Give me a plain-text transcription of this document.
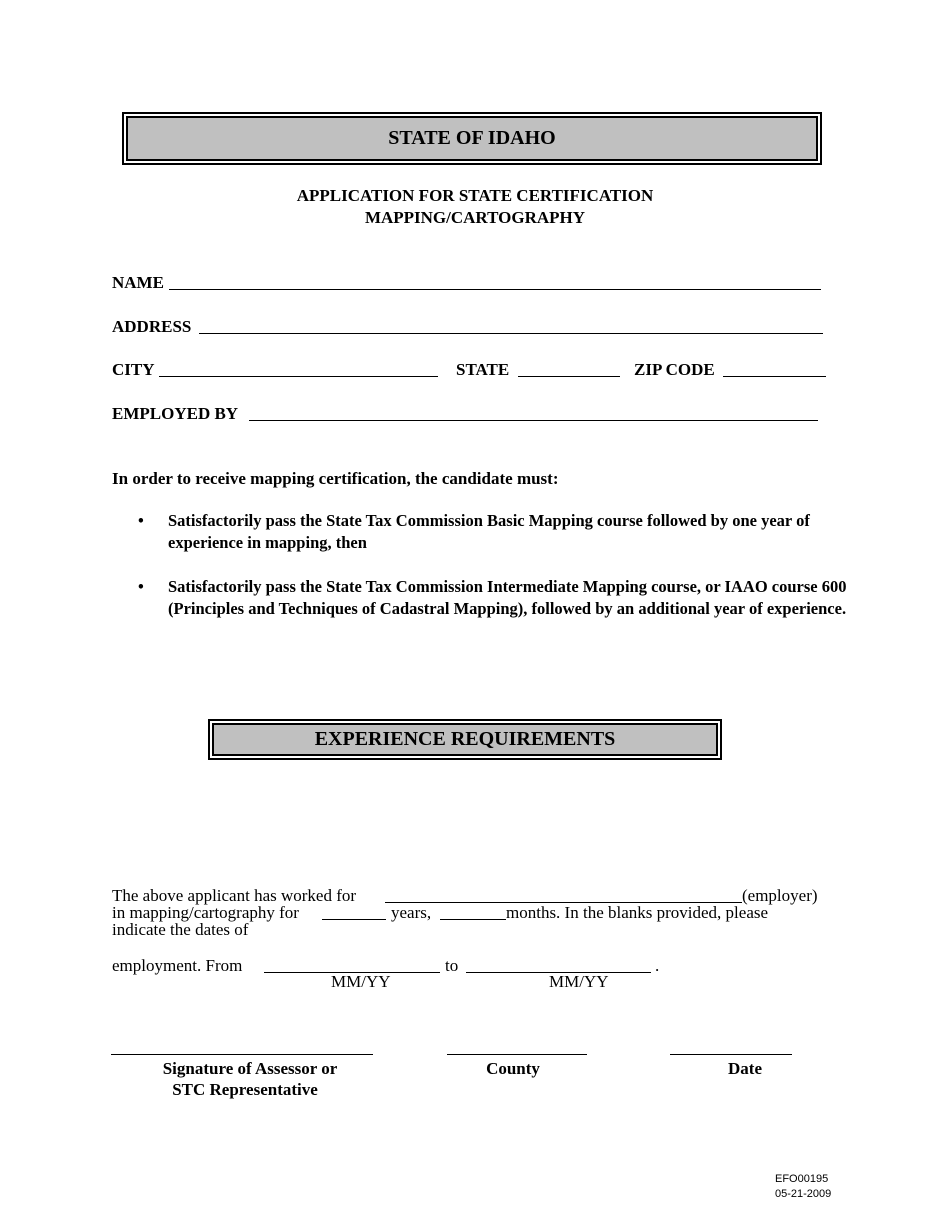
STATE OF IDAHO
APPLICATION FOR STATE CERTIFICATION
MAPPING/CARTOGRAPHY
NAME
ADDRESS
CITY	STATE	ZIP CODE
EMPLOYED BY
In order to receive mapping certification, the candidate must:
• Satisfactorily pass the State Tax Commission Basic Mapping course followed by one year of experience in mapping, then
• Satisfactorily pass the State Tax Commission Intermediate Mapping course, or IAAO course 600 (Principles and Techniques of Cadastral Mapping), followed by an additional year of experience.
EXPERIENCE REQUIREMENTS
The above applicant has worked for	(employer)
in mapping/cartography for	years,	months. In the blanks provided, please
indicate the dates of
employment. From	to	.
MM/YY	MM/YY
Signature of Assessor or
STC Representative
County	Date
EFO00195
05-21-2009
